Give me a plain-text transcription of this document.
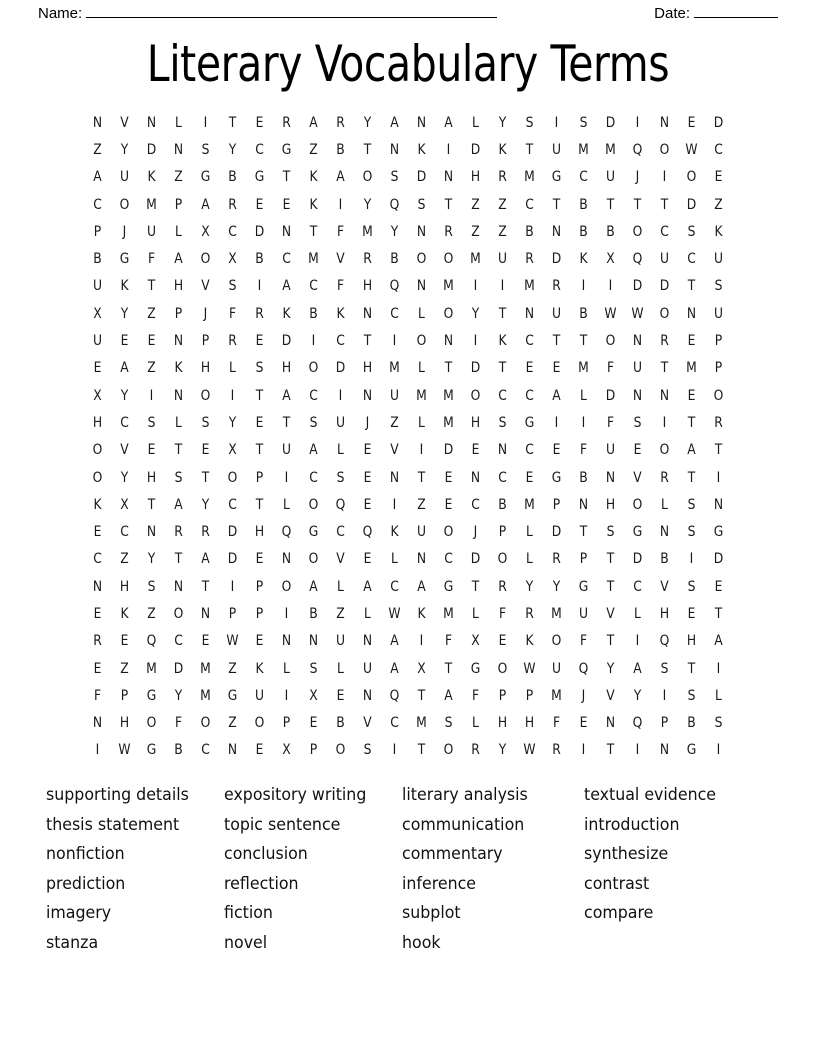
Name:	Date:
Literary Vocabulary Terms
N	V	N	L	I	T	E	R	A	R	Y	A	N	A	L	Y	S	I	S	D	I	N	E	D
Z	Y	D	N	S	Y	C	G	Z	B	T	N	K	I	D	K	T	U	M	M	Q	O	W	C
A	U	K	Z	G	B	G	T	K	A	O	S	D	N	H	R	M	G	C	U	J	I	O	E
C	O	M	P	A	R	E	E	K	I	Y	Q	S	T	Z	Z	C	T	B	T	T	T	D	Z
P	J	U	L	X	C	D	N	T	F	M	Y	N	R	Z	Z	B	N	B	B	O	C	S	K
B	G	F	A	O	X	B	C	M	V	R	B	O	O	M	U	R	D	K	X	Q	U	C	U
U	K	T	H	V	S	I	A	C	F	H	Q	N	M	I	I	M	R	I	I	D	D	T	S
X	Y	Z	P	J	F	R	K	B	K	N	C	L	O	Y	T	N	U	B	W	W	O	N	U
U	E	E	N	P	R	E	D	I	C	T	I	O	N	I	K	C	T	T	O	N	R	E	P
E	A	Z	K	H	L	S	H	O	D	H	M	L	T	D	T	E	E	M	F	U	T	M	P
X	Y	I	N	O	I	T	A	C	I	N	U	M	M	O	C	C	A	L	D	N	N	E	O
H	C	S	L	S	Y	E	T	S	U	J	Z	L	M	H	S	G	I	I	F	S	I	T	R
O	V	E	T	E	X	T	U	A	L	E	V	I	D	E	N	C	E	F	U	E	O	A	T
O	Y	H	S	T	O	P	I	C	S	E	N	T	E	N	C	E	G	B	N	V	R	T	I
K	X	T	A	Y	C	T	L	O	Q	E	I	Z	E	C	B	M	P	N	H	O	L	S	N
E	C	N	R	R	D	H	Q	G	C	Q	K	U	O	J	P	L	D	T	S	G	N	S	G
C	Z	Y	T	A	D	E	N	O	V	E	L	N	C	D	O	L	R	P	T	D	B	I	D
N	H	S	N	T	I	P	O	A	L	A	C	A	G	T	R	Y	Y	G	T	C	V	S	E
E	K	Z	O	N	P	P	I	B	Z	L	W	K	M	L	F	R	M	U	V	L	H	E	T
R	E	Q	C	E	W	E	N	N	U	N	A	I	F	X	E	K	O	F	T	I	Q	H	A
E	Z	M	D	M	Z	K	L	S	L	U	A	X	T	G	O	W	U	Q	Y	A	S	T	I
F	P	G	Y	M	G	U	I	X	E	N	Q	T	A	F	P	P	M	J	V	Y	I	S	L
N	H	O	F	O	Z	O	P	E	B	V	C	M	S	L	H	H	F	E	N	Q	P	B	S
I	W	G	B	C	N	E	X	P	O	S	I	T	O	R	Y	W	R	I	T	I	N	G	I
supporting details
thesis statement
nonfiction
prediction
imagery
stanza
expository writing
topic sentence
conclusion
reflection
fiction
novel
literary analysis
communication
commentary
inference
subplot
hook
textual evidence
introduction
synthesize
contrast
compare
